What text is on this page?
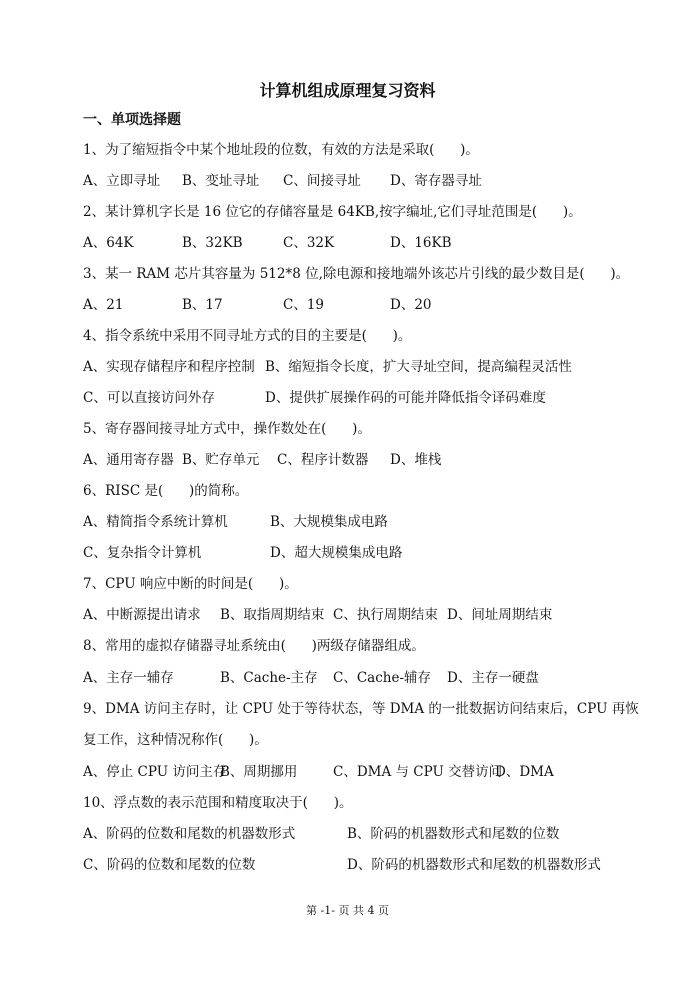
计算机组成原理复习资料
一、单项选择题
1、为了缩短指令中某个地址段的位数，有效的方法是采取(      )。
A、立即寻址 B、变址寻址 C、间接寻址 D、寄存器寻址
2、某计算机字长是 16 位它的存储容量是 64KB,按字编址,它们寻址范围是(      )。
A、64K	B、32KB	C、32K	D、16KB
3、某一 RAM 芯片其容量为 512*8 位,除电源和接地端外该芯片引线的最少数目是(      )。
A、21	B、17	C、19	D、20
4、指令系统中采用不同寻址方式的目的主要是(      )。
A、实现存储程序和程序控制 B、缩短指令长度，扩大寻址空间，提高编程灵活性
C、可以直接访问外存	D、提供扩展操作码的可能并降低指令译码难度
5、寄存器间接寻址方式中，操作数处在(      )。
A、通用寄存器 B、贮存单元 C、程序计数器 D、堆栈
6、RISC 是(      )的简称。
A、精简指令系统计算机	B、大规模集成电路
C、复杂指令计算机	D、超大规模集成电路
7、CPU 响应中断的时间是(      )。
A、中断源提出请求 B、取指周期结束 C、执行周期结束 D、间址周期结束
8、常用的虚拟存储器寻址系统由(      )两级存储器组成。
A、主存一辅存	B、Cache-主存 C、Cache-辅存 D、主存一硬盘
9、DMA 访问主存时，让 CPU 处于等待状态，等 DMA 的一批数据访问结束后，CPU 再恢
复工作，这种情况称作(      )。
A、停止 CPU 访问主存
B、周期挪用	C、DMA 与 CPU 交替访问
D、DMA
10、浮点数的表示范围和精度取决于(      )。
A、阶码的位数和尾数的机器数形式	B、阶码的机器数形式和尾数的位数
C、阶码的位数和尾数的位数	D、阶码的机器数形式和尾数的机器数形式
第 -1- 页 共 4 页
